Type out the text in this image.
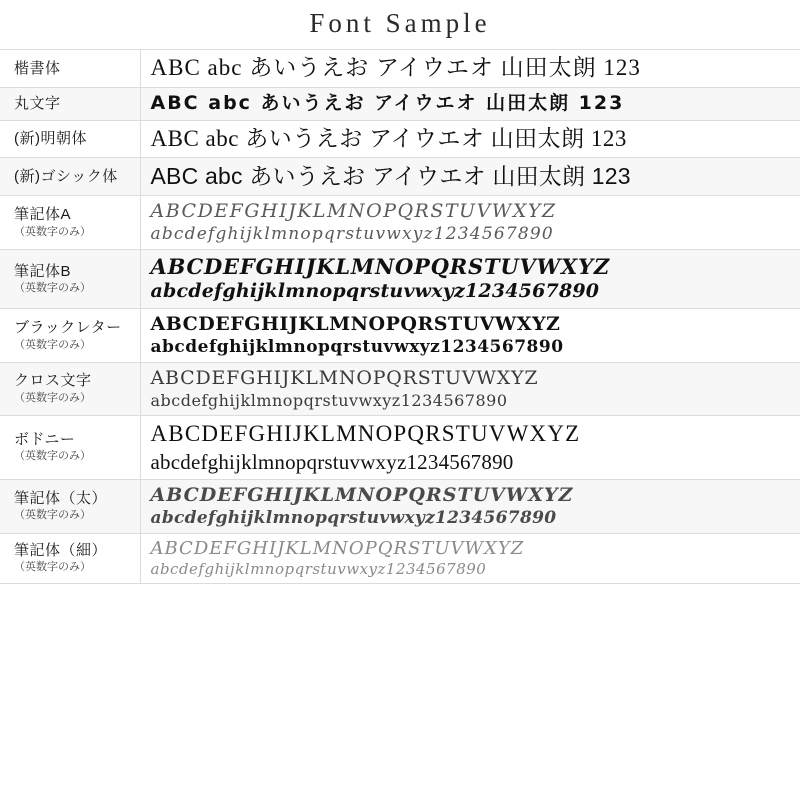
Font Sample
楷書体	ABC abc あいうえお アイウエオ 山田太朗 123

丸文字	ABC abc あいうえお アイウエオ 山田太朗 123

(新)明朝体	ABC abc あいうえお アイウエオ 山田太朗 123

(新)ゴシック体	ABC abc あいうえお アイウエオ 山田太朗 123

筆記体A
（英数字のみ）	ABCDEFGHIJKLMNOPQRSTUVWXYZ
abcdefghijklmnopqrstuvwxyz1234567890

筆記体B
（英数字のみ）	ABCDEFGHIJKLMNOPQRSTUVWXYZ
abcdefghijklmnopqrstuvwxyz1234567890

ブラックレター
（英数字のみ）	ABCDEFGHIJKLMNOPQRSTUVWXYZ
abcdefghijklmnopqrstuvwxyz1234567890

クロス文字
（英数字のみ）	ABCDEFGHIJKLMNOPQRSTUVWXYZ
abcdefghijklmnopqrstuvwxyz1234567890

ボドニー
（英数字のみ）	ABCDEFGHIJKLMNOPQRSTUVWXYZ
abcdefghijklmnopqrstuvwxyz1234567890

筆記体（太）
（英数字のみ）	ABCDEFGHIJKLMNOPQRSTUVWXYZ
abcdefghijklmnopqrstuvwxyz1234567890

筆記体（細）
（英数字のみ）	ABCDEFGHIJKLMNOPQRSTUVWXYZ
abcdefghijklmnopqrstuvwxyz1234567890
